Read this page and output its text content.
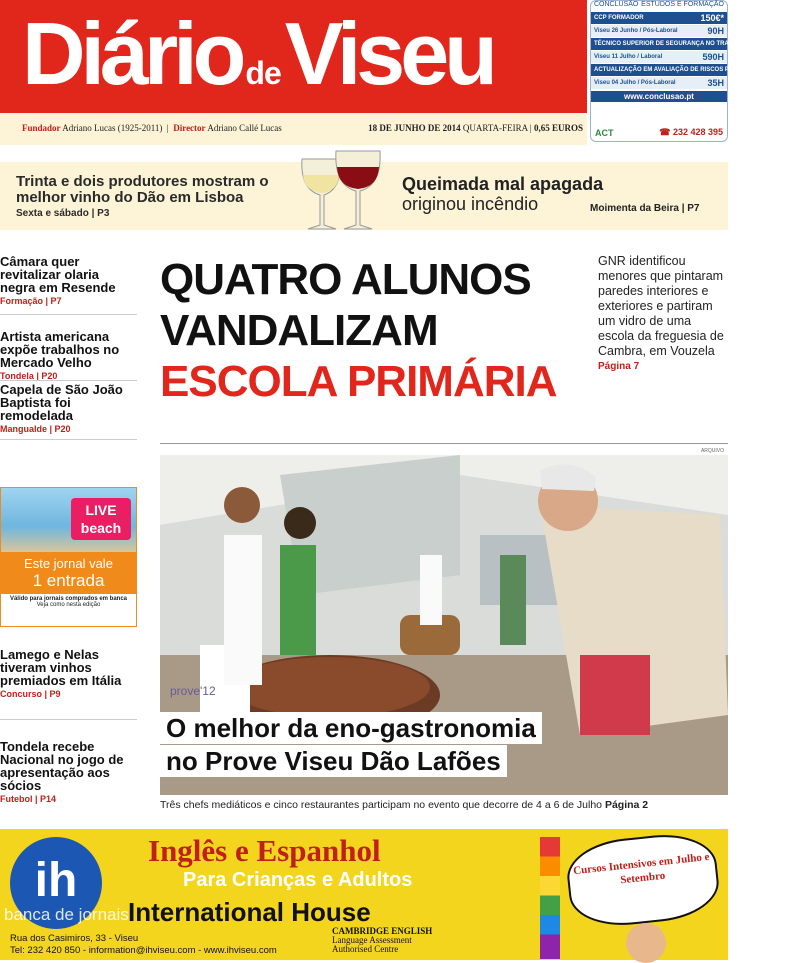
Diário deViseu
Fundador Adriano Lucas (1925-2011)  |  Director Adriano Callé Lucas	18 DE JUNHO DE 2014 QUARTA-FEIRA | 0,65 EUROS
CONCLUSÃO ESTUDOS E FORMAÇÃO
CCP FORMADOR	150€*
Viseu 26 Junho / Pós-Laboral	90H
TÉCNICO SUPERIOR DE SEGURANÇA NO TRABALHO 900€*
Viseu 11 Julho / Laboral	590H
ACTUALIZAÇÃO EM AVALIAÇÃO DE RISCOS PROFISSIONAIS 140€
Viseu 04 Julho / Pós-Laboral	35H
www.conclusao.pt
ACT	☎ 232 428 395
Trinta e dois produtores mostram o melhor vinho do Dão em Lisboa
Sexta e sábado | P3
Queimada mal apagada
originou incêndio	Moimenta da Beira | P7
Câmara quer revitalizar olaria negra em Resende
Formação | P7
Artista americana expõe trabalhos no Mercado Velho
Tondela | P20
Capela de São João Baptista foi remodelada
Mangualde | P20
LIVE
beach
Este jornal vale
1 entrada
Válido para jornais comprados em banca
Veja como nesta edição
Lamego e Nelas tiveram vinhos premiados em Itália
Concurso | P9
Tondela recebe Nacional no jogo de apresentação aos sócios
Futebol | P14
QUATRO ALUNOS
VANDALIZAM
ESCOLA PRIMÁRIA
GNR identificou menores que pintaram paredes interiores e exteriores e partiram um vidro de uma escola da freguesia de Cambra, em Vouzela
Página 7
ARQUIVO
prove'12
O melhor da eno-gastronomia
no Prove Viseu Dão Lafões
Três chefs mediáticos e cinco restaurantes participam no evento que decorre de 4 a 6 de Julho Página 2
ih
banca de jornais
Inglês e Espanhol
Para Crianças e Adultos
International House
Rua dos Casimiros, 33 - Viseu
Tel: 232 420 850 - information@ihviseu.com - www.ihviseu.com
CAMBRIDGE ENGLISH
Language Assessment
Authorised Centre
Cursos Intensivos em Julho e Setembro
